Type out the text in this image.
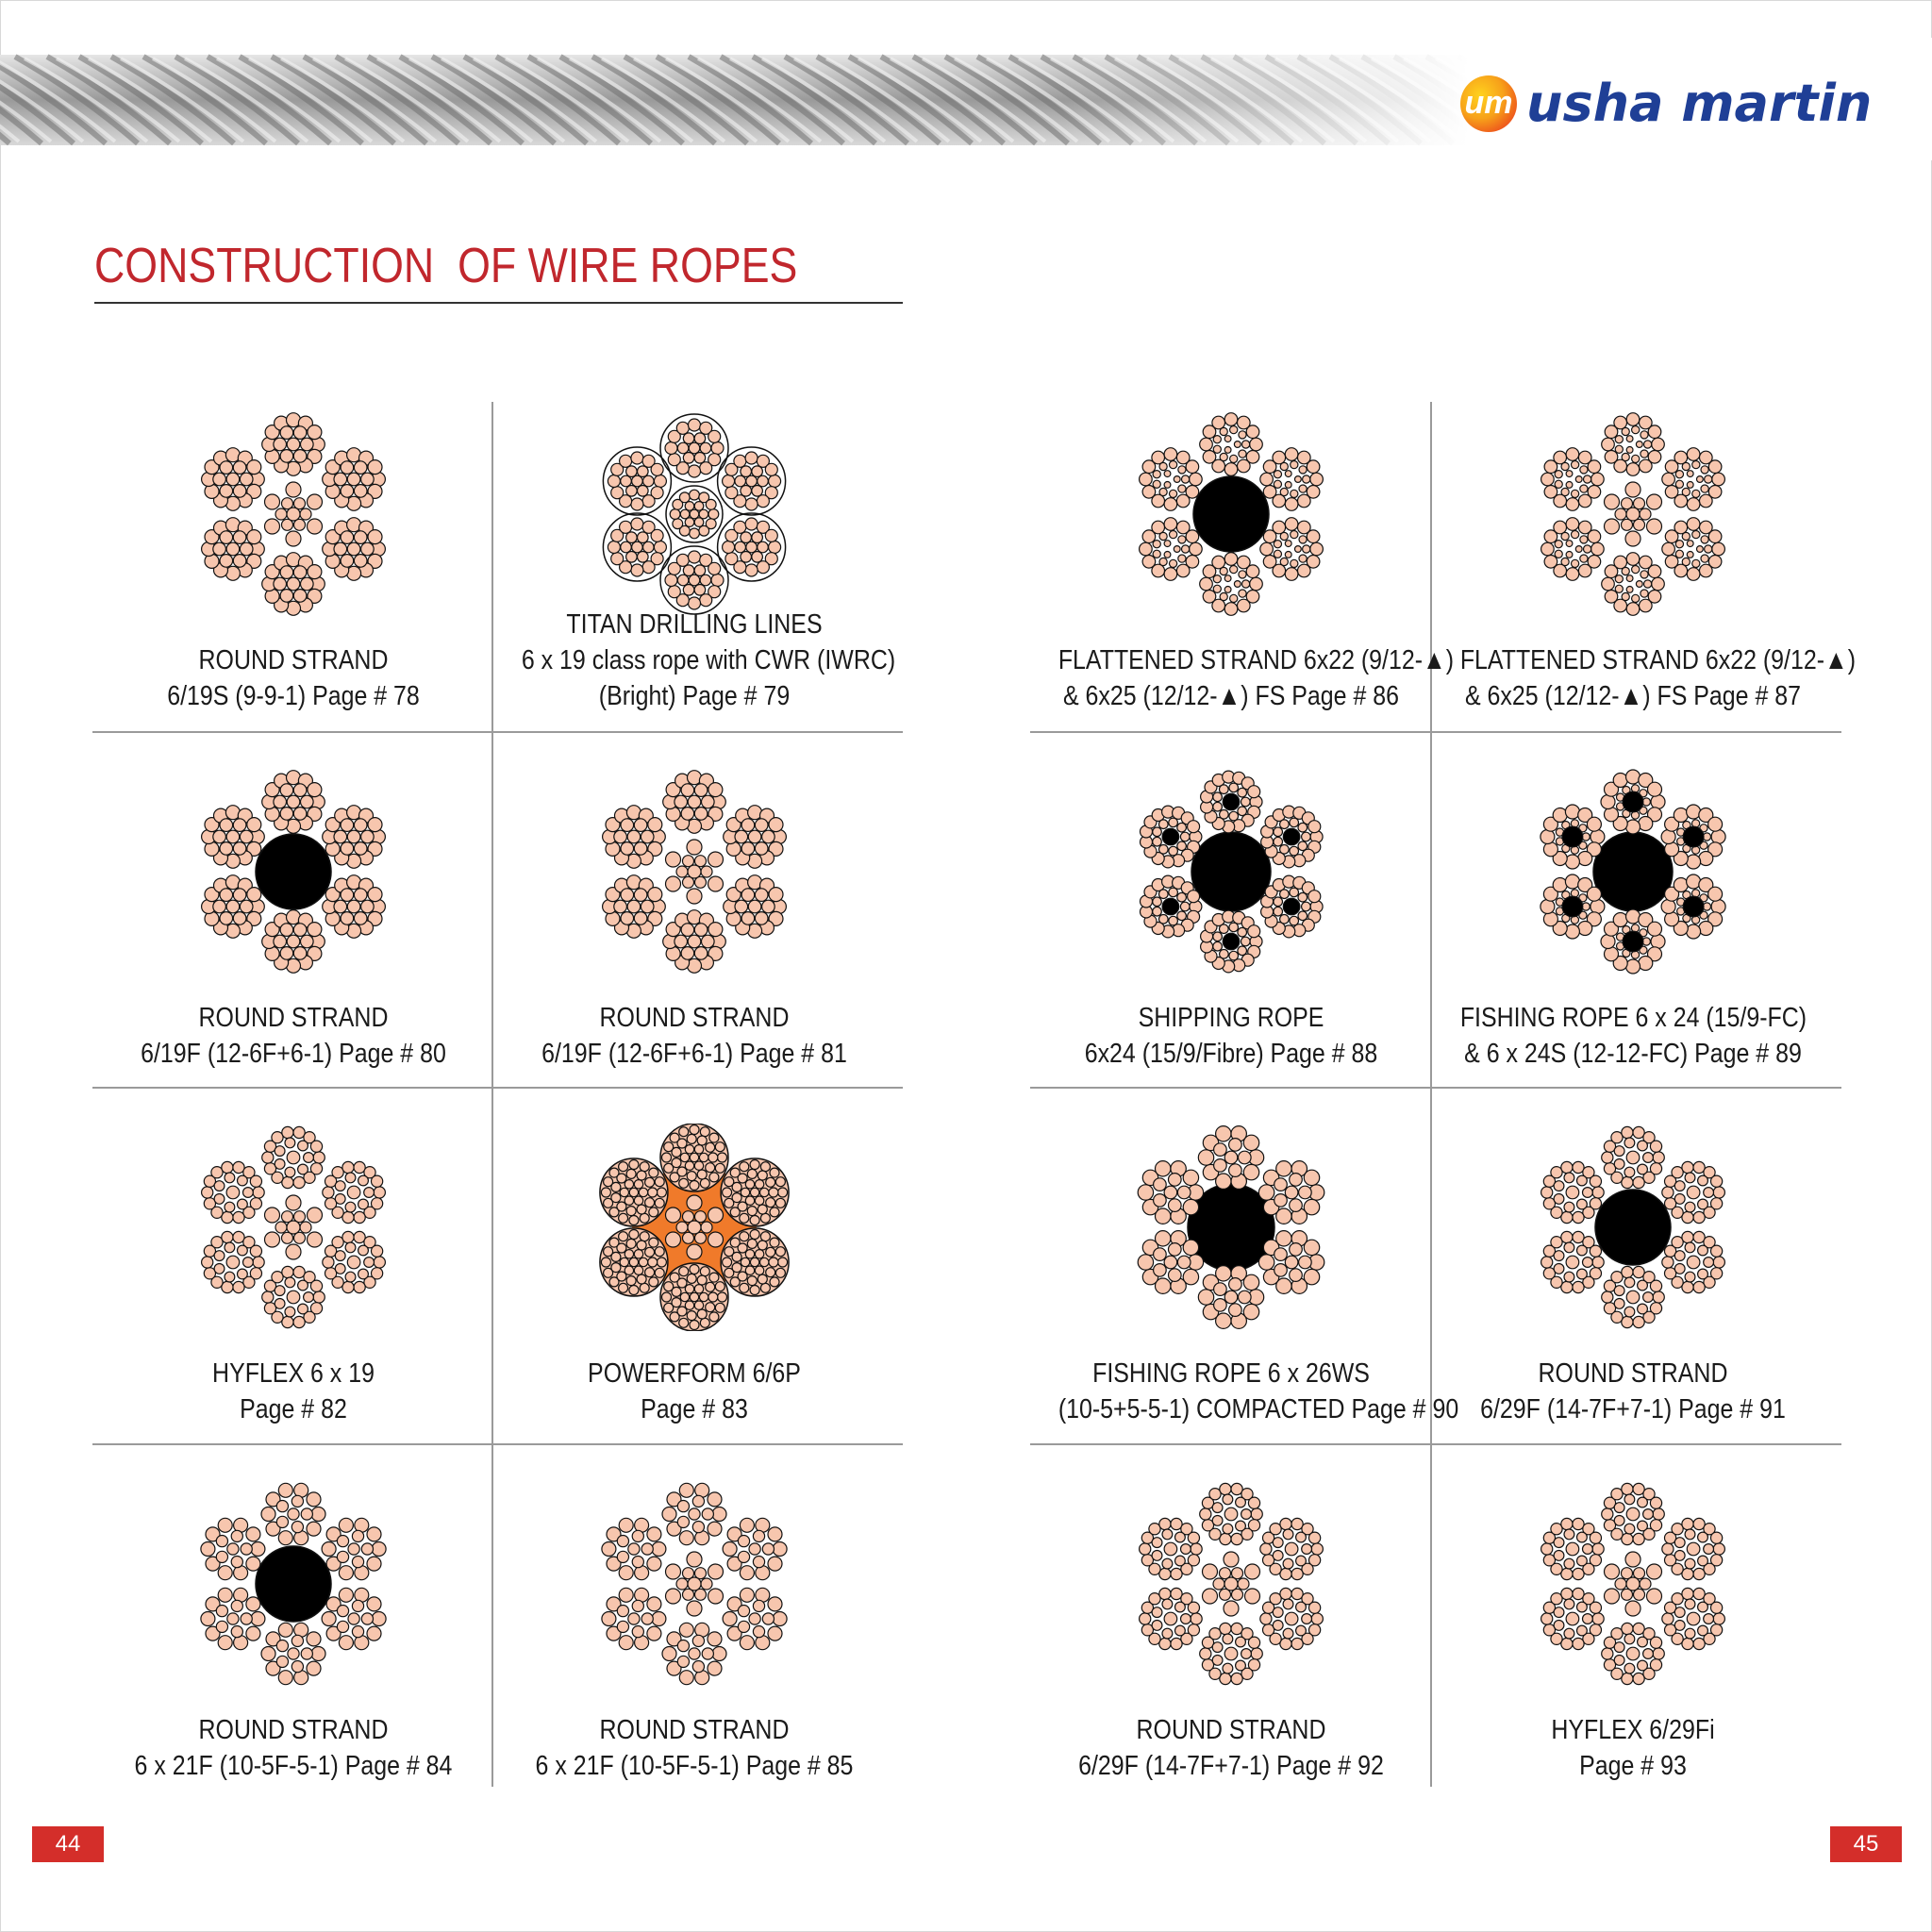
um usha martin
CONSTRUCTION  OF WIRE ROPES
ROUND STRAND
6/19S (9-9-1) Page # 78
TITAN DRILLING LINES
6 x 19 class rope with CWR (IWRC)
(Bright) Page # 79
FLATTENED STRAND 6x22 (9/12-▲)
& 6x25 (12/12-▲) FS Page # 86
FLATTENED STRAND 6x22 (9/12-▲)
& 6x25 (12/12-▲) FS Page # 87
ROUND STRAND
6/19F (12-6F+6-1) Page # 80
ROUND STRAND
6/19F (12-6F+6-1) Page # 81
SHIPPING ROPE
6x24 (15/9/Fibre) Page # 88
FISHING ROPE 6 x 24 (15/9-FC)
& 6 x 24S (12-12-FC) Page # 89
HYFLEX 6 x 19
Page # 82
POWERFORM 6/6P
Page # 83
FISHING ROPE 6 x 26WS
(10-5+5-5-1) COMPACTED Page # 90
ROUND STRAND
6/29F (14-7F+7-1) Page # 91
ROUND STRAND
6 x 21F (10-5F-5-1) Page # 84
ROUND STRAND
6 x 21F (10-5F-5-1) Page # 85
ROUND STRAND
6/29F (14-7F+7-1) Page # 92
HYFLEX 6/29Fi
Page # 93
44	45
